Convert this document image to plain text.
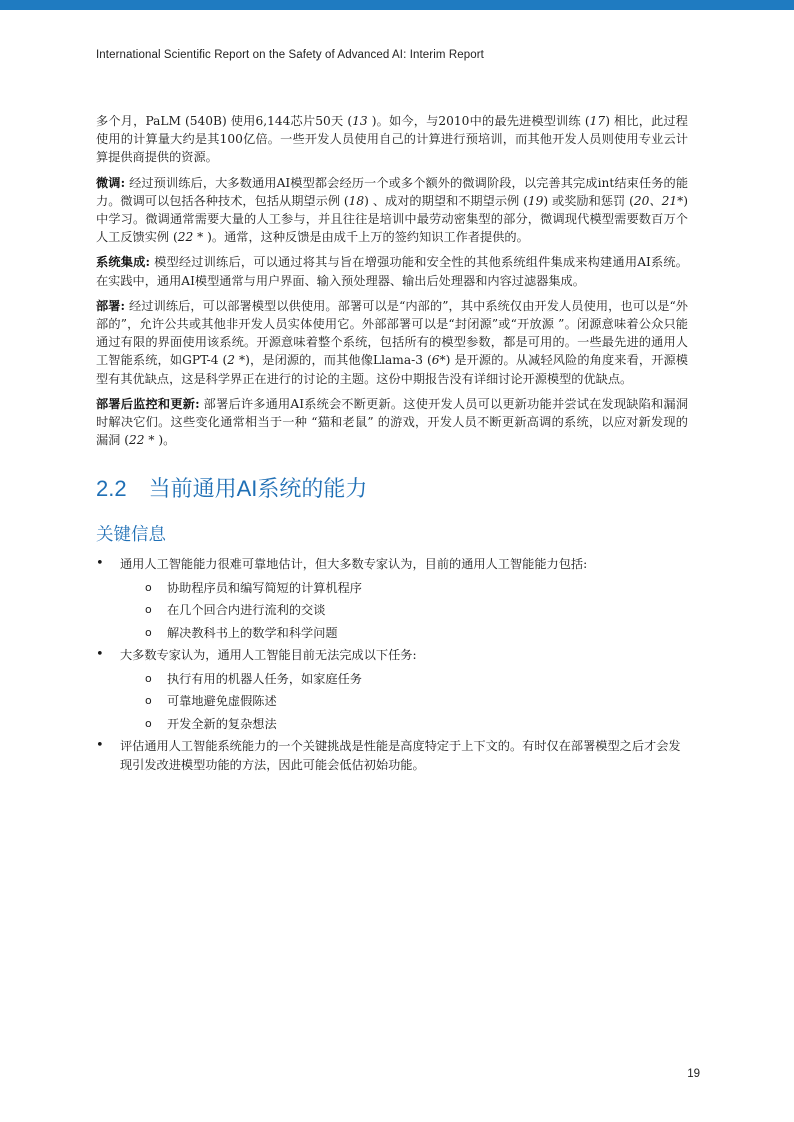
International Scientific Report on the Safety of Advanced AI: Interim Report

多个月，PaLM (540B) 使用6,144芯片50天 (13 )。如今，与2010中的最先进模型训练 (17) 相比，此过程使用的计算量大约是其100亿倍。一些开发人员使用自己的计算进行预培训，而其他开发人员则使用专业云计算提供商提供的资源。

微调: 经过预训练后，大多数通用AI模型都会经历一个或多个额外的微调阶段，以完善其完成int结束任务的能力。微调可以包括各种技术，包括从期望示例 (18) 、成对的期望和不期望示例 (19) 或奖励和惩罚 (20、21*) 中学习。微调通常需要大量的人工参与，并且往往是培训中最劳动密集型的部分，微调现代模型需要数百万个人工反馈实例 (22 * )。通常，这种反馈是由成千上万的签约知识工作者提供的。

系统集成: 模型经过训练后，可以通过将其与旨在增强功能和安全性的其他系统组件集成来构建通用AI系统。在实践中，通用AI模型通常与用户界面、输入预处理器、输出后处理器和内容过滤器集成。

部署: 经过训练后，可以部署模型以供使用。部署可以是“内部的”，其中系统仅由开发人员使用，也可以是“外部的”，允许公共或其他非开发人员实体使用它。外部部署可以是“封闭源”或“开放源 ”。闭源意味着公众只能通过有限的界面使用该系统。开源意味着整个系统，包括所有的模型参数，都是可用的。一些最先进的通用人工智能系统，如GPT-4 (2 *)，是闭源的，而其他像Llama-3 (6*) 是开源的。从减轻风险的角度来看，开源模型有其优缺点，这是科学界正在进行的讨论的主题。这份中期报告没有详细讨论开源模型的优缺点。

部署后监控和更新: 部署后许多通用AI系统会不断更新。这使开发人员可以更新功能并尝试在发现缺陷和漏洞时解决它们。这些变化通常相当于一种 “猫和老鼠” 的游戏，开发人员不断更新高调的系统，以应对新发现的漏洞 (22 * )。

2.2 当前通用AI系统的能力
关键信息
• 通用人工智能能力很难可靠地估计，但大多数专家认为，目前的通用人工智能能力包括:
o 协助程序员和编写简短的计算机程序
o 在几个回合内进行流利的交谈
o 解决教科书上的数学和科学问题
• 大多数专家认为，通用人工智能目前无法完成以下任务:
o 执行有用的机器人任务，如家庭任务
o 可靠地避免虚假陈述
o 开发全新的复杂想法
• 评估通用人工智能系统能力的一个关键挑战是性能是高度特定于上下文的。有时仅在部署模型之后才会发现引发改进模型功能的方法，因此可能会低估初始功能。
19
